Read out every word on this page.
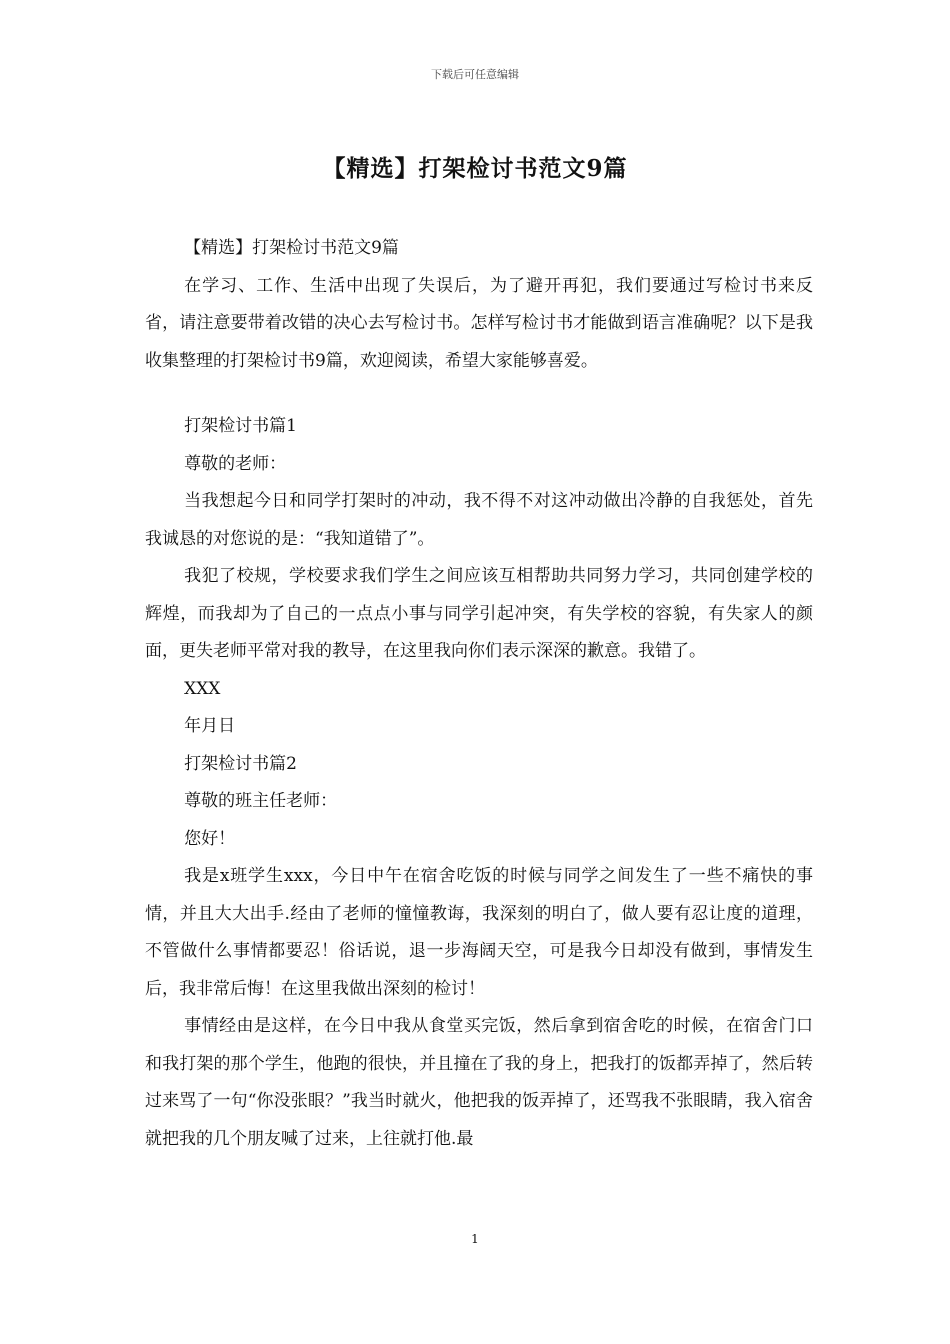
下载后可任意编辑
【精选】打架检讨书范文9篇

【精选】打架检讨书范文9篇

在学习、工作、生活中出现了失误后，为了避开再犯，我们要通过写检讨书来反省，请注意要带着改错的决心去写检讨书。怎样写检讨书才能做到语言准确呢？以下是我收集整理的打架检讨书9篇，欢迎阅读，希望大家能够喜爱。

打架检讨书篇1

尊敬的老师：

当我想起今日和同学打架时的冲动，我不得不对这冲动做出冷静的自我惩处，首先我诚恳的对您说的是：“我知道错了”。

我犯了校规，学校要求我们学生之间应该互相帮助共同努力学习，共同创建学校的辉煌，而我却为了自己的一点点小事与同学引起冲突，有失学校的容貌，有失家人的颜面，更失老师平常对我的教导，在这里我向你们表示深深的歉意。我错了。

XXX

年月日

打架检讨书篇2

尊敬的班主任老师：

您好！

我是x班学生xxx，今日中午在宿舍吃饭的时候与同学之间发生了一些不痛快的事情，并且大大出手.经由了老师的憧憧教诲，我深刻的明白了，做人要有忍让度的道理，不管做什么事情都要忍！俗话说，退一步海阔天空，可是我今日却没有做到，事情发生后，我非常后悔！在这里我做出深刻的检讨！

事情经由是这样，在今日中我从食堂买完饭，然后拿到宿舍吃的时候，在宿舍门口和我打架的那个学生，他跑的很快，并且撞在了我的身上，把我打的饭都弄掉了，然后转过来骂了一句“你没张眼？”我当时就火，他把我的饭弄掉了，还骂我不张眼睛，我入宿舍就把我的几个朋友喊了过来，上往就打他.最

1
